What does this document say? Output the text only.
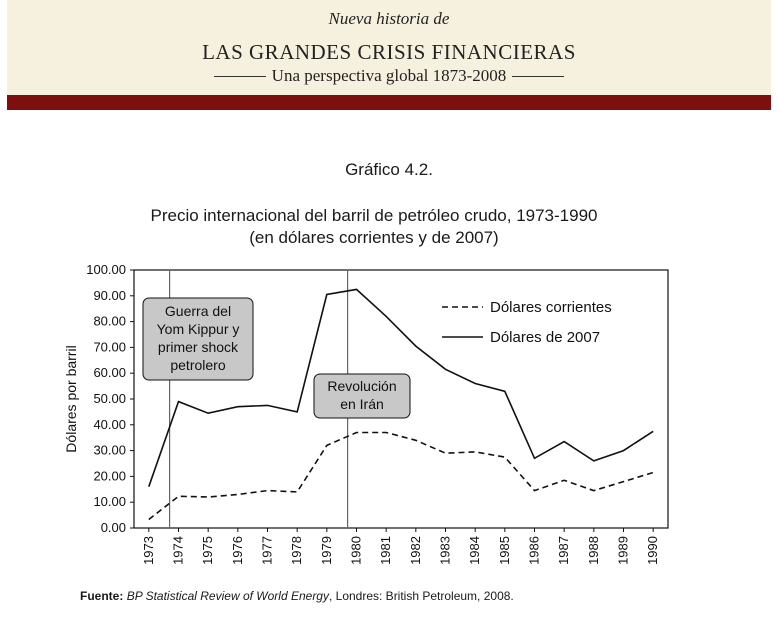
Nueva historia de
LAS GRANDES CRISIS FINANCIERAS
Una perspectiva global 1873-2008
Gráfico 4.2.
Precio internacional del barril de petróleo crudo, 1973-1990
(en dólares corrientes y de 2007)
0.00
10.00
20.00
30.00
40.00
50.00
60.00
70.00
80.00
90.00
100.00
1973 1974 1975 1976 1977 1978 1979 1980 1981 1982 1983 1984 1985 1986 1987 1988 1989 1990
Dólares por barril
Guerra del
Yom Kippur y
primer shock
petrolero
Revolución
en Irán
Dólares corrientes
Dólares de 2007
Fuente: BP Statistical Review of World Energy, Londres: British Petroleum, 2008.
